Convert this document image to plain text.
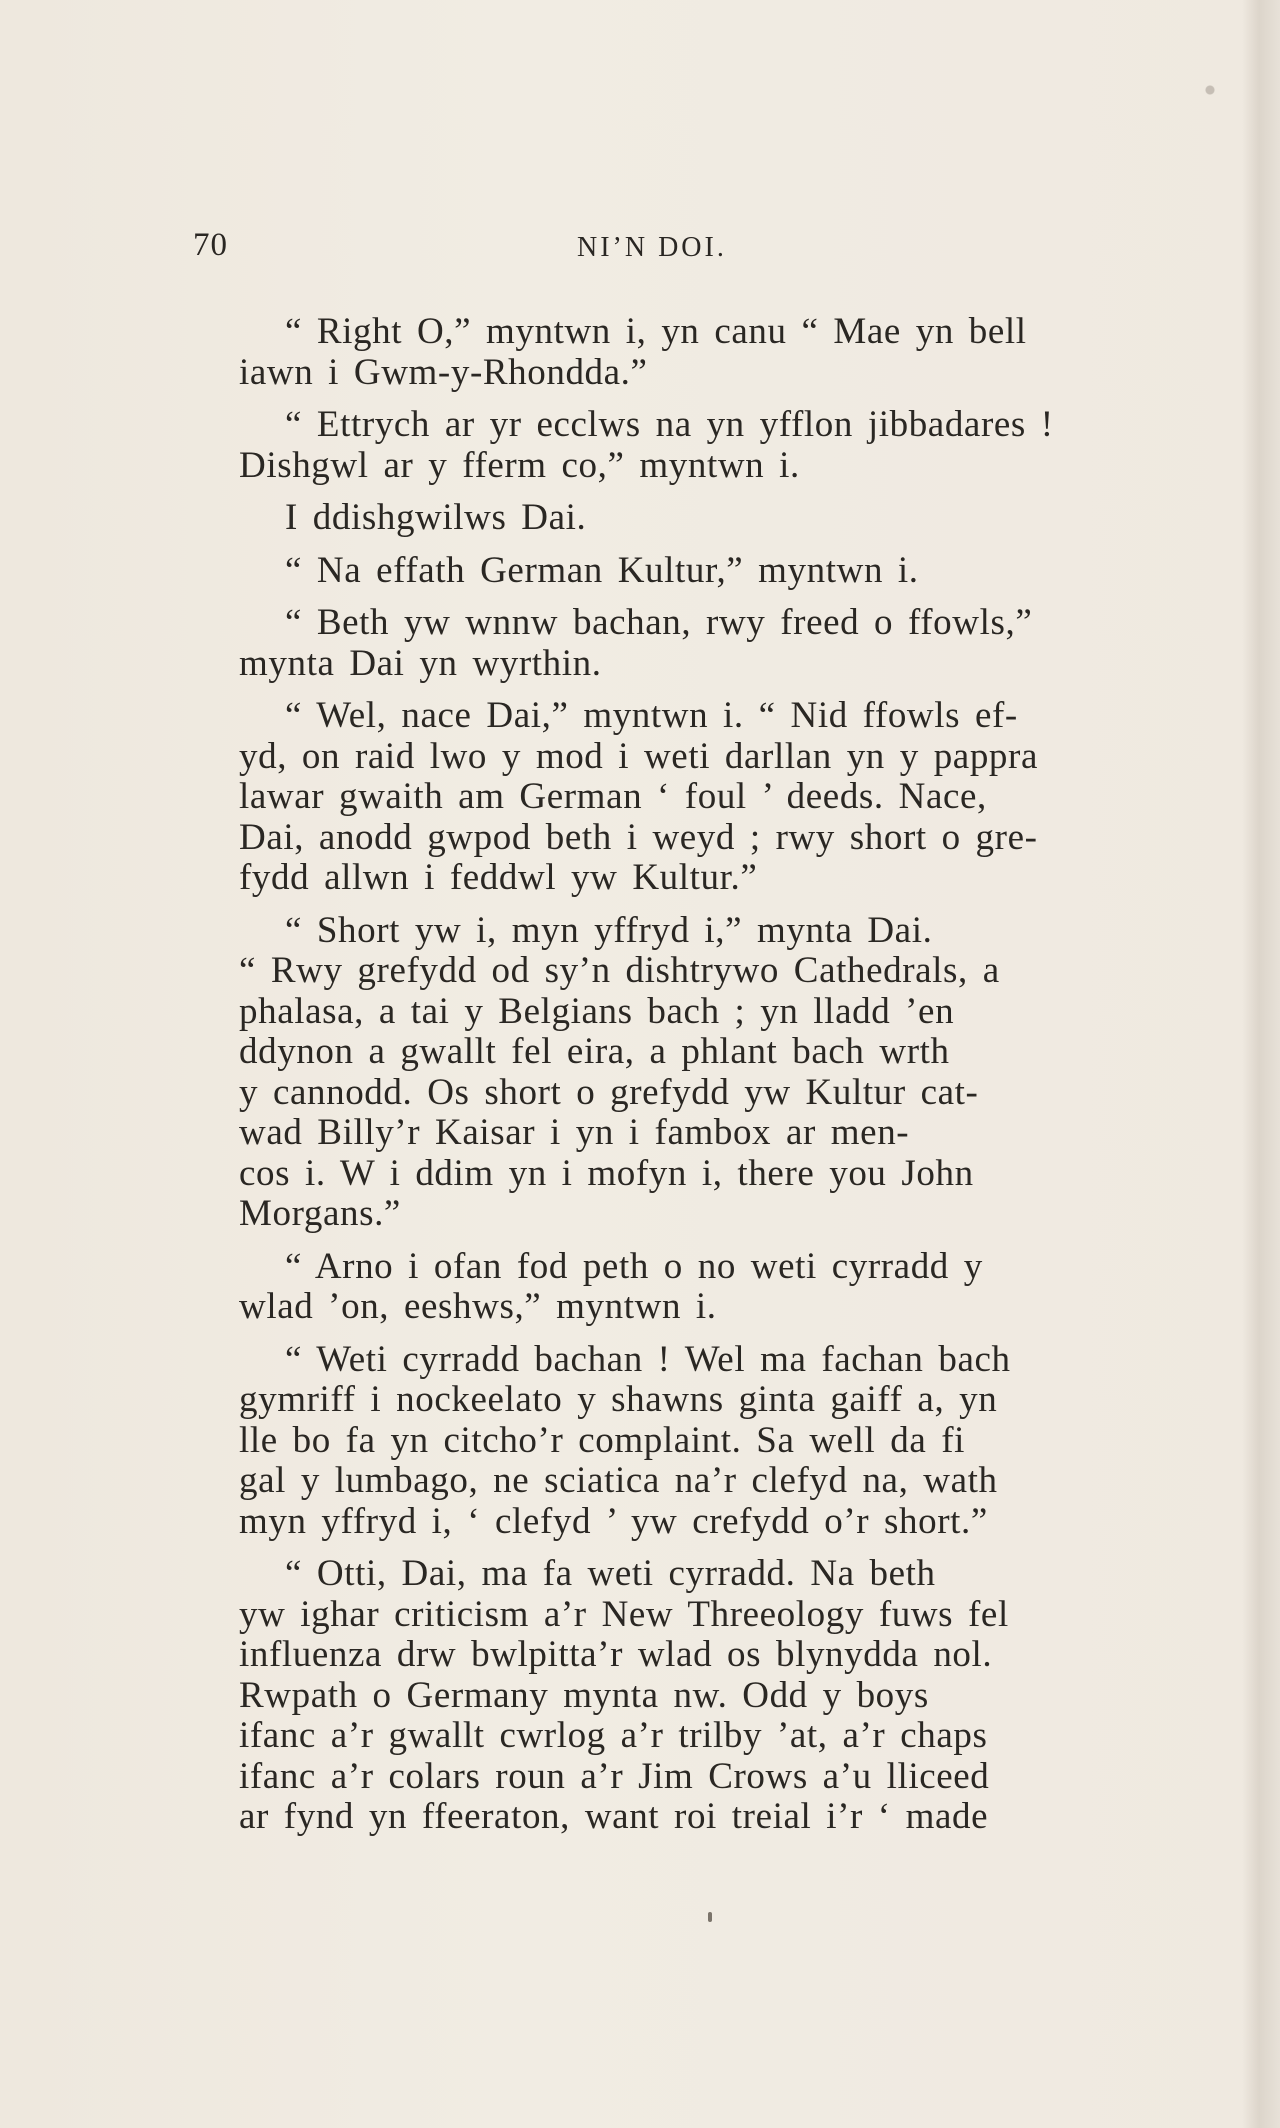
70	NI’N DOI.

“ Right O,” myntwn i, yn canu “ Mae yn bell
iawn i Gwm-y-Rhondda.”

“ Ettrych ar yr ecclws na yn yfflon jibbadares !
Dishgwl ar y fferm co,” myntwn i.

I ddishgwilws Dai.

“ Na effath German Kultur,” myntwn i.

“ Beth yw wnnw bachan, rwy freed o ffowls,”
mynta Dai yn wyrthin.

“ Wel, nace Dai,” myntwn i. “ Nid ffowls ef-
yd, on raid lwo y mod i weti darllan yn y pappra
lawar gwaith am German ‘ foul ’ deeds. Nace,
Dai, anodd gwpod beth i weyd ; rwy short o gre-
fydd allwn i feddwl yw Kultur.”

“ Short yw i, myn yffryd i,” mynta Dai.
“ Rwy grefydd od sy’n dishtrywo Cathedrals, a
phalasa, a tai y Belgians bach ; yn lladd ’en
ddynon a gwallt fel eira, a phlant bach wrth
y cannodd. Os short o grefydd yw Kultur cat-
wad Billy’r Kaisar i yn i fambox ar men-
cos i. W i ddim yn i mofyn i, there you John
Morgans.”

“ Arno i ofan fod peth o no weti cyrradd y
wlad ’on, eeshws,” myntwn i.

“ Weti cyrradd bachan ! Wel ma fachan bach
gymriff i nockeelato y shawns ginta gaiff a, yn
lle bo fa yn citcho’r complaint. Sa well da fi
gal y lumbago, ne sciatica na’r clefyd na, wath
myn yffryd i, ‘ clefyd ’ yw crefydd o’r short.”

“ Otti, Dai, ma fa weti cyrradd. Na beth
yw ighar criticism a’r New Threeology fuws fel
influenza drw bwlpitta’r wlad os blynydda nol.
Rwpath o Germany mynta nw. Odd y boys
ifanc a’r gwallt cwrlog a’r trilby ’at, a’r chaps
ifanc a’r colars roun a’r Jim Crows a’u lliceed
ar fynd yn ffeeraton, want roi treial i’r ‘ made
